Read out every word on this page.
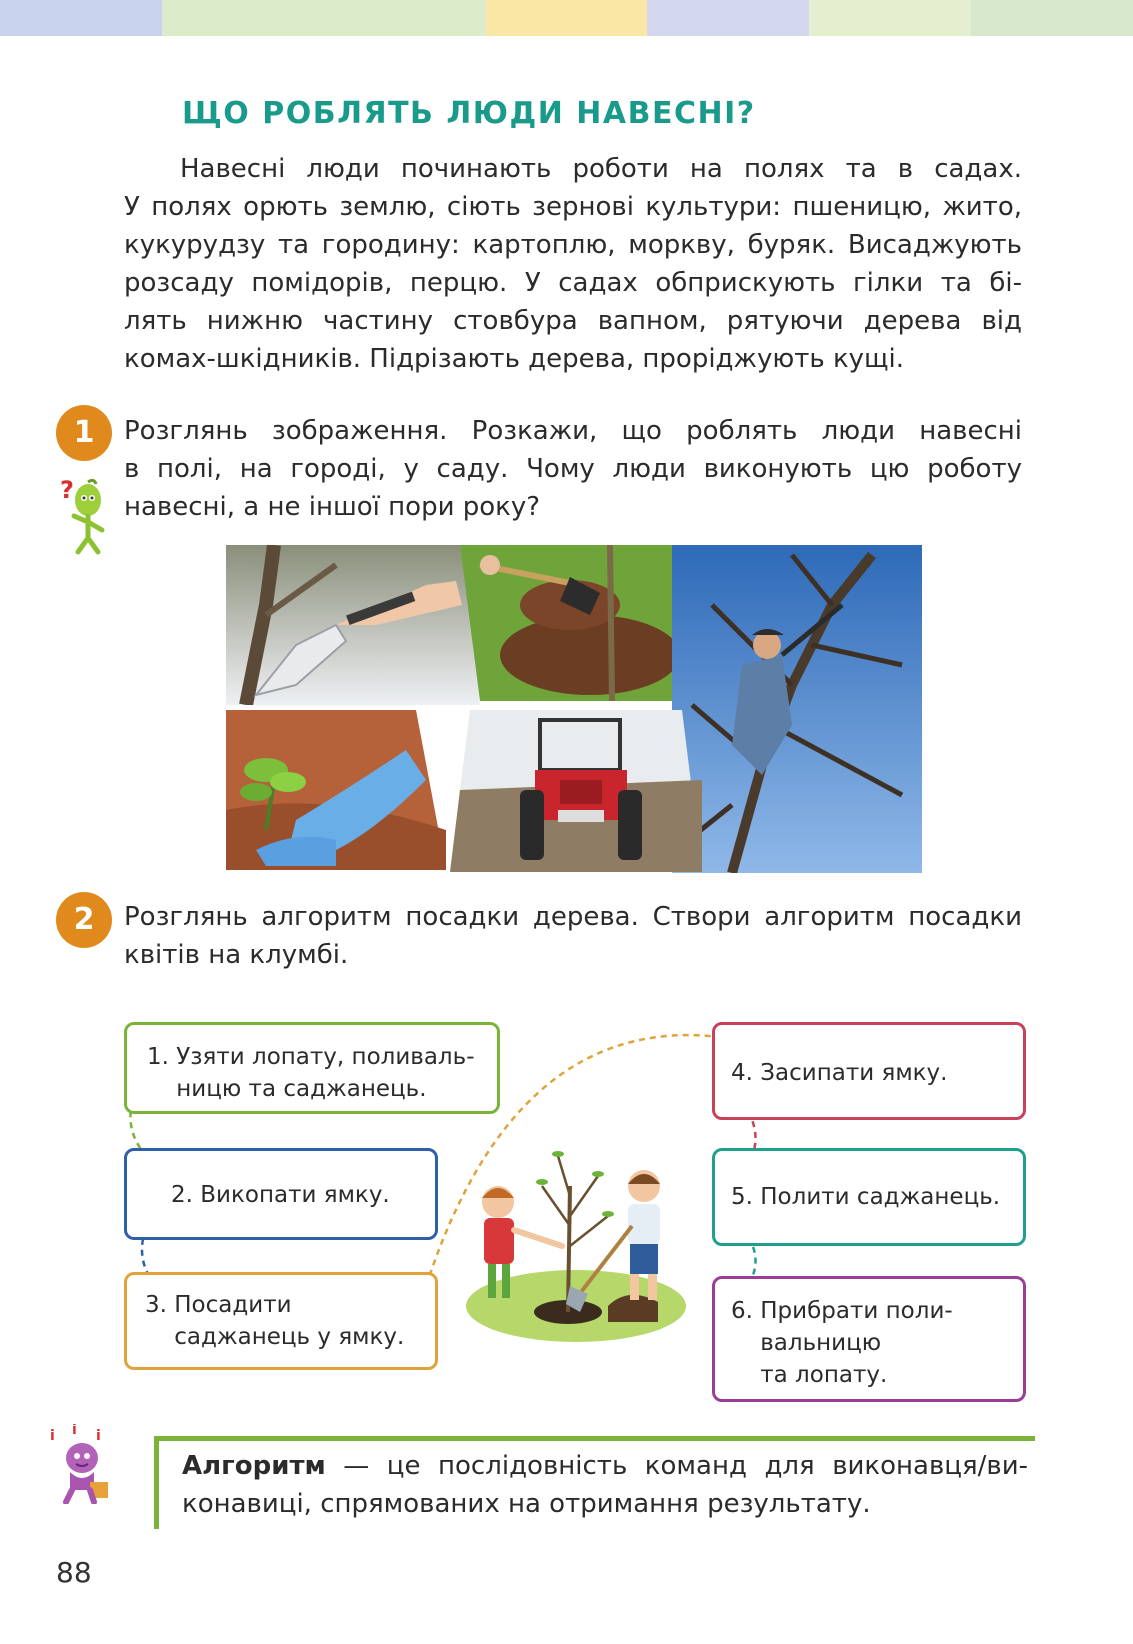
ЩО РОБЛЯТЬ ЛЮДИ НАВЕСНІ?
Навесні люди починають роботи на полях та в садах.
У полях орють землю, сіють зернові культури: пшеницю, жито,
кукурудзу та городину: картоплю, моркву, буряк. Висаджують
розсаду помідорів, перцю. У садах обприскують гілки та бі-
лять нижню частину стовбура вапном, рятуючи дерева від
комах-шкідників. Підрізають дерева, проріджують кущі.
1
?
Розглянь зображення. Розкажи, що роблять люди навесні
в полі, на городі, у саду. Чому люди виконують цю роботу
навесні, а не іншої пори року?
2	Розглянь алгоритм посадки дерева. Створи алгоритм посадки
квітів на клумбі.
1. Узяти лопату, поливаль-
ницю та саджанець.
2. Викопати ямку.
3. Посадити
саджанець у ямку.
4. Засипати ямку.
5. Полити саджанець.
6. Прибрати поли-
вальницю
та лопату.
i i i
Алгоритм — це послідовність команд для виконавця/ви-
конавиці, спрямованих на отримання результату.
88
